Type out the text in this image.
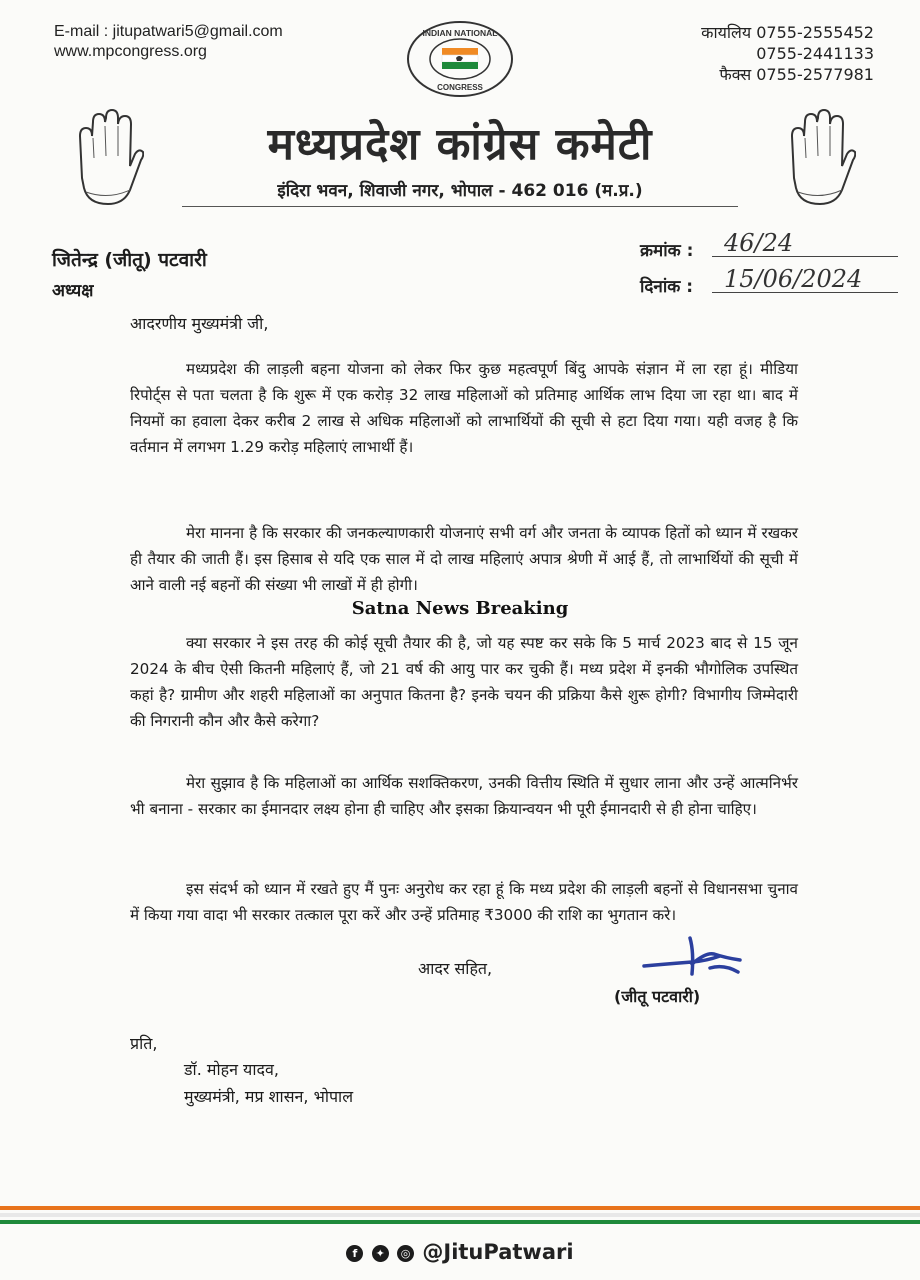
E-mail : jitupatwari5@gmail.com
www.mpcongress.org
INDIAN NATIONAL
CONGRESS
कायलिय 0755-2555452
0755-2441133
फैक्स 0755-2577981
मध्यप्रदेश कांग्रेस कमेटी
इंदिरा भवन, शिवाजी नगर, भोपाल - 462 016 (म.प्र.)
जितेन्द्र (जीतू) पटवारी
अध्यक्ष
क्रमांक :	46/24
दिनांक :	15/06/2024
आदरणीय मुख्यमंत्री जी,
मध्यप्रदेश की लाड़ली बहना योजना को लेकर फिर कुछ महत्वपूर्ण बिंदु आपके संज्ञान में ला रहा हूं। मीडिया रिपोर्ट्स से पता चलता है कि शुरू में एक करोड़ 32 लाख महिलाओं को प्रतिमाह आर्थिक लाभ दिया जा रहा था। बाद में नियमों का हवाला देकर करीब 2 लाख से अधिक महिलाओं को लाभार्थियों की सूची से हटा दिया गया। यही वजह है कि वर्तमान में लगभग 1.29 करोड़ महिलाएं लाभार्थी हैं।
मेरा मानना है कि सरकार की जनकल्याणकारी योजनाएं सभी वर्ग और जनता के व्यापक हितों को ध्यान में रखकर ही तैयार की जाती हैं। इस हिसाब से यदि एक साल में दो लाख महिलाएं अपात्र श्रेणी में आई हैं, तो लाभार्थियों की सूची में आने वाली नई बहनों की संख्या भी लाखों में ही होगी।
Satna News Breaking
क्या सरकार ने इस तरह की कोई सूची तैयार की है, जो यह स्पष्ट कर सके कि 5 मार्च 2023 बाद से 15 जून 2024 के बीच ऐसी कितनी महिलाएं हैं, जो 21 वर्ष की आयु पार कर चुकी हैं। मध्य प्रदेश में इनकी भौगोलिक उपस्थित कहां है? ग्रामीण और शहरी महिलाओं का अनुपात कितना है? इनके चयन की प्रक्रिया कैसे शुरू होगी? विभागीय जिम्मेदारी की निगरानी कौन और कैसे करेगा?
मेरा सुझाव है कि महिलाओं का आर्थिक सशक्तिकरण, उनकी वित्तीय स्थिति में सुधार लाना और उन्हें आत्मनिर्भर भी बनाना - सरकार का ईमानदार लक्ष्य होना ही चाहिए और इसका क्रियान्वयन भी पूरी ईमानदारी से ही होना चाहिए।
इस संदर्भ को ध्यान में रखते हुए मैं पुनः अनुरोध कर रहा हूं कि मध्य प्रदेश की लाड़ली बहनों से विधानसभा चुनाव में किया गया वादा भी सरकार तत्काल पूरा करें और उन्हें प्रतिमाह ₹3000 की राशि का भुगतान करे।
आदर सहित,
(जीतू पटवारी)
प्रति,
डॉ. मोहन यादव,
मुख्यमंत्री, मप्र शासन, भोपाल
f ✦ ◎ @JituPatwari
